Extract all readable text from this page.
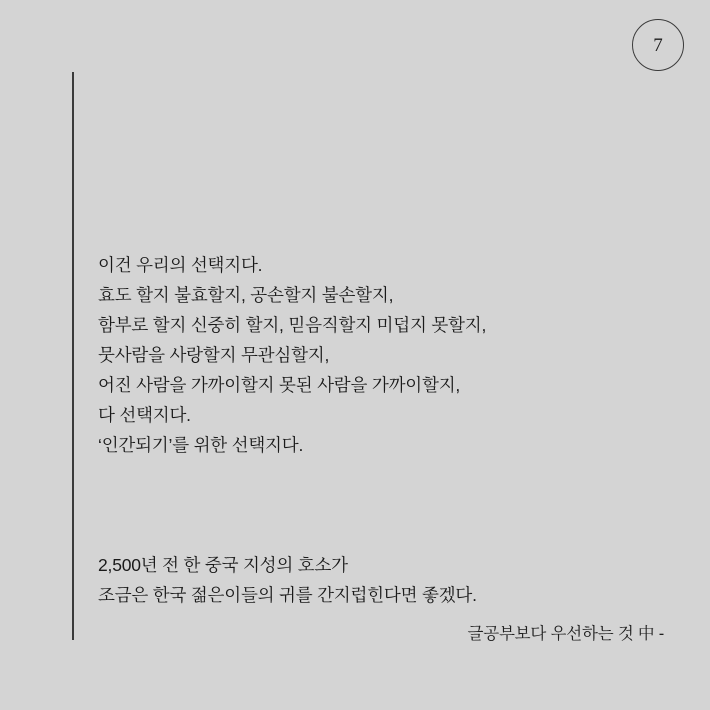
7

이건 우리의 선택지다.
효도 할지 불효할지, 공손할지 불손할지,
함부로 할지 신중히 할지, 믿음직할지 미덥지 못할지,
뭇사람을 사랑할지 무관심할지,
어진 사람을 가까이할지 못된 사람을 가까이할지,
다 선택지다.
‘인간되기’를 위한 선택지다.

2,500년 전 한 중국 지성의 호소가
조금은 한국 젊은이들의 귀를 간지럽힌다면 좋겠다.

글공부보다 우선하는 것 中 -
